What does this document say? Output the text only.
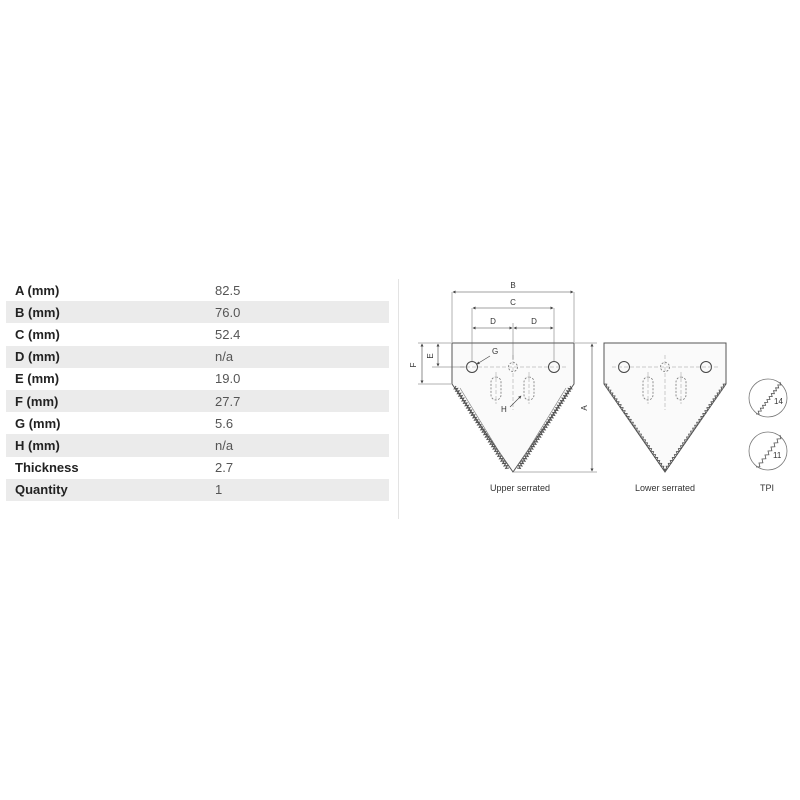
A (mm)	82.5
B (mm)	76.0
C (mm)	52.4
D (mm)	n/a
E (mm)	19.0
F (mm)	27.7
G (mm)	5.6
H (mm)	n/a
Thickness	2.7
Quantity	1
B
C
D	D
E
F
A
G
H
Upper serrated	Lower serrated
14
11
TPI
